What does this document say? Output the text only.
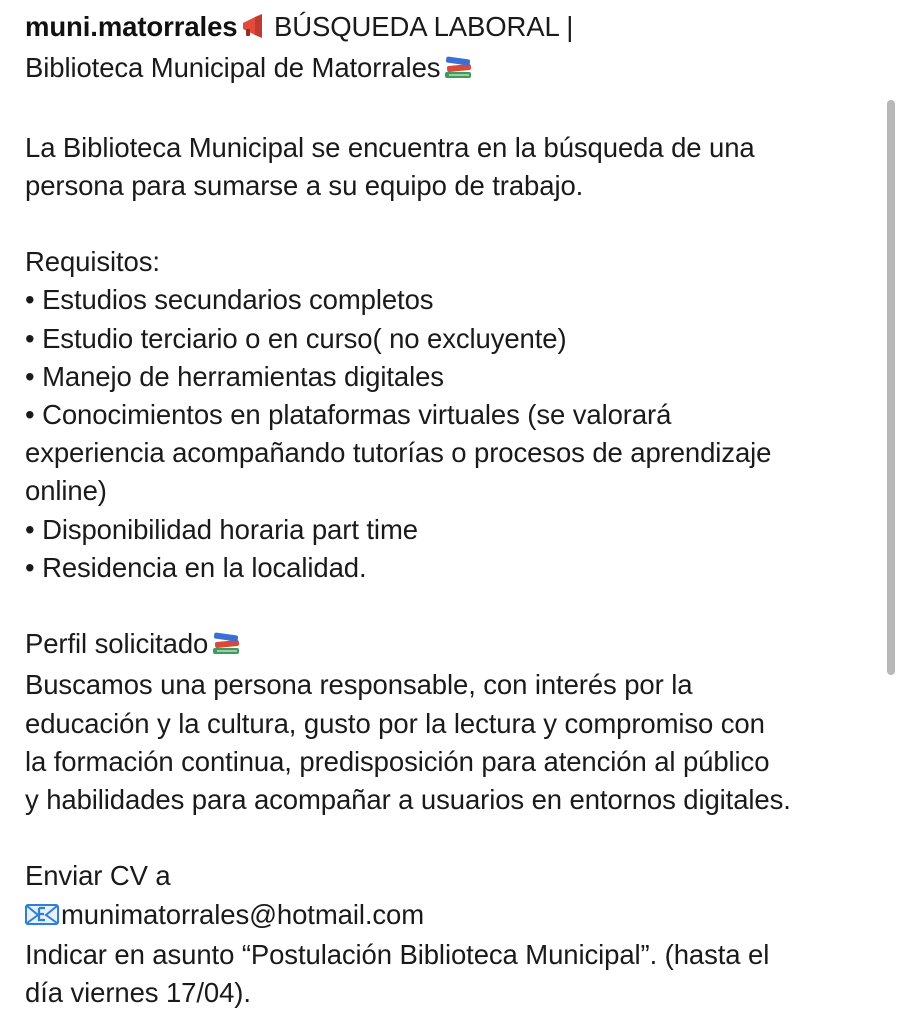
muni.matorrales BÚSQUEDA LABORAL |
Biblioteca Municipal de Matorrales
La Biblioteca Municipal se encuentra en la búsqueda de una
persona para sumarse a su equipo de trabajo.
Requisitos:
• Estudios secundarios completos
• Estudio terciario o en curso( no excluyente)
• Manejo de herramientas digitales
• Conocimientos en plataformas virtuales (se valorará
experiencia acompañando tutorías o procesos de aprendizaje
online)
• Disponibilidad horaria part time
• Residencia en la localidad.
Perfil solicitado
Buscamos una persona responsable, con interés por la
educación y la cultura, gusto por la lectura y compromiso con
la formación continua, predisposición para atención al público
y habilidades para acompañar a usuarios en entornos digitales.
Enviar CV a
munimatorrales@hotmail.com
Indicar en asunto “Postulación Biblioteca Municipal”. (hasta el
día viernes 17/04).
